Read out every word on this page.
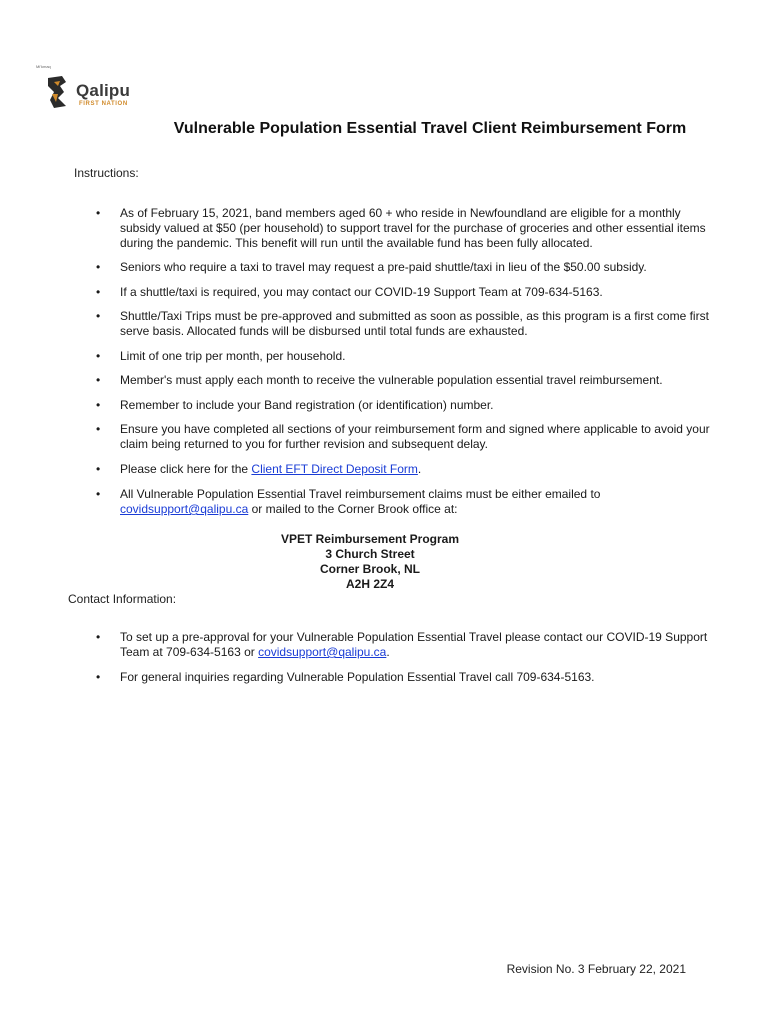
Mi'kmaq
Qalipu
FIRST NATION
Vulnerable Population Essential Travel Client Reimbursement Form
Instructions:
•	As of February 15, 2021, band members aged 60 + who reside in Newfoundland are eligible for a monthly subsidy valued at $50 (per household) to support travel for the purchase of groceries and other essential items during the pandemic. This benefit will run until the available fund has been fully allocated.
•	Seniors who require a taxi to travel may request a pre-paid shuttle/taxi in lieu of the $50.00 subsidy.
•	If a shuttle/taxi is required, you may contact our COVID-19 Support Team at 709-634-5163.
•	Shuttle/Taxi Trips must be pre-approved and submitted as soon as possible, as this program is a first come first serve basis. Allocated funds will be disbursed until total funds are exhausted.
•	Limit of one trip per month, per household.
•	Member's must apply each month to receive the vulnerable population essential travel reimbursement.
•	Remember to include your Band registration (or identification) number.
•	Ensure you have completed all sections of your reimbursement form and signed where applicable to avoid your claim being returned to you for further revision and subsequent delay.
•	Please click here for the Client EFT Direct Deposit Form.
•	All Vulnerable Population Essential Travel reimbursement claims must be either emailed to covidsupport@qalipu.ca or mailed to the Corner Brook office at:
VPET Reimbursement Program
3 Church Street
Corner Brook, NL
A2H 2Z4
Contact Information:
•	To set up a pre-approval for your Vulnerable Population Essential Travel please contact our COVID-19 Support Team at 709-634-5163 or covidsupport@qalipu.ca.
•	For general inquiries regarding Vulnerable Population Essential Travel call 709-634-5163.
Revision No. 3 February 22, 2021
